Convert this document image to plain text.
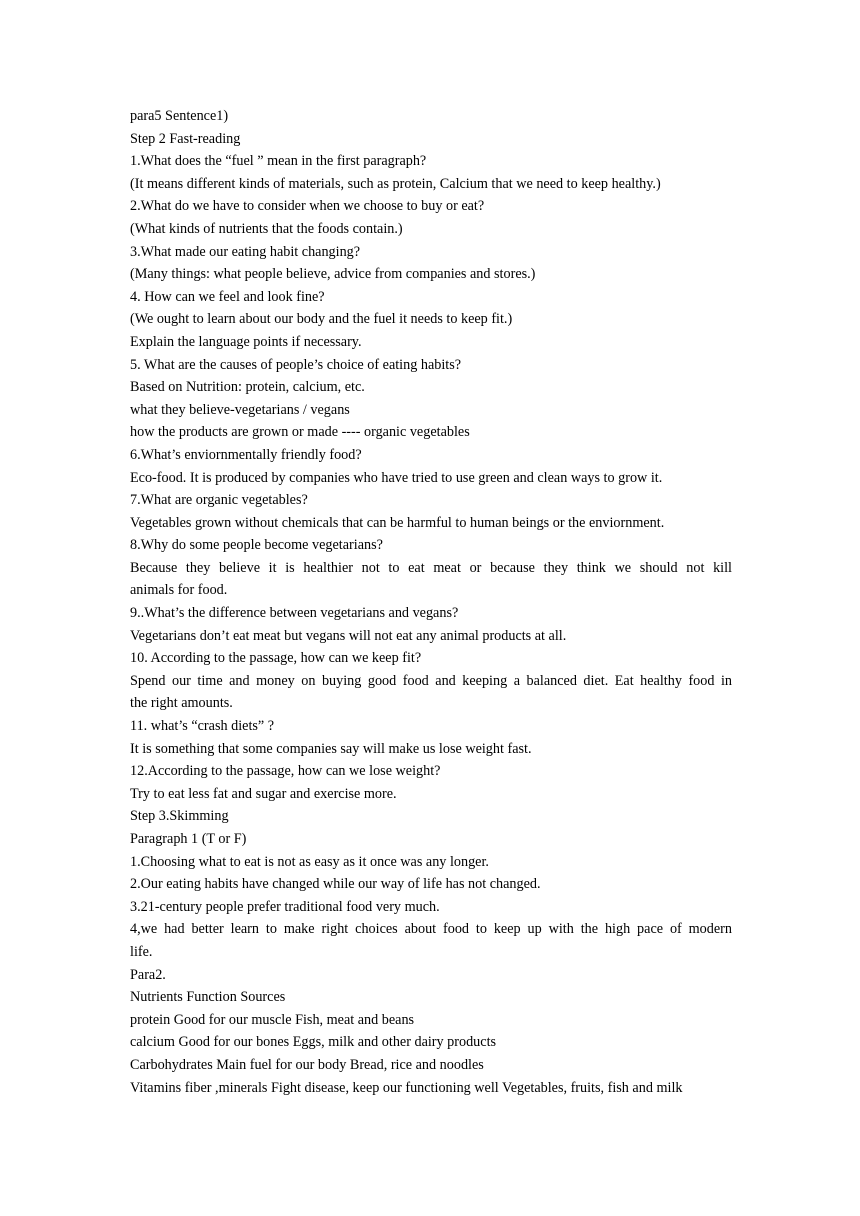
para5 Sentence1)
Step 2 Fast-reading
1.What does the “fuel ” mean in the first paragraph?
(It means different kinds of materials, such as protein, Calcium that we need to keep healthy.)
2.What do we have to consider when we choose to buy or eat?
(What kinds of nutrients that the foods contain.)
3.What made our eating habit changing?
(Many things: what people believe, advice from companies and stores.)
4. How can we feel and look fine?
(We ought to learn about our body and the fuel it needs to keep fit.)
Explain the language points if necessary.
5. What are the causes of people’s choice of eating habits?
Based on Nutrition: protein, calcium, etc.
what they believe-vegetarians / vegans
how the products are grown or made ---- organic vegetables
6.What’s enviornmentally friendly food?
Eco-food. It is produced by companies who have tried to use green and clean ways to grow it.
7.What are organic vegetables?
Vegetables grown without chemicals that can be harmful to human beings or the enviornment.
8.Why do some people become vegetarians?
Because they believe it is healthier not to eat meat or because they think we should not kill
animals for food.
9..What’s the difference between vegetarians and vegans?
Vegetarians don’t eat meat but vegans will not eat any animal products at all.
10. According to the passage, how can we keep fit?
Spend our time and money on buying good food and keeping a balanced diet. Eat healthy food in
the right amounts.
11. what’s “crash diets” ?
It is something that some companies say will make us lose weight fast.
12.According to the passage, how can we lose weight?
Try to eat less fat and sugar and exercise more.
Step 3.Skimming
Paragraph 1 (T or F)
1.Choosing what to eat is not as easy as it once was any longer.
2.Our eating habits have changed while our way of life has not changed.
3.21-century people prefer traditional food very much.
4,we had better learn to make right choices about food to keep up with the high pace of modern
life.
Para2.
Nutrients Function Sources
protein Good for our muscle Fish, meat and beans
calcium Good for our bones Eggs, milk and other dairy products
Carbohydrates Main fuel for our body Bread, rice and noodles
Vitamins fiber ,minerals Fight disease, keep our functioning well Vegetables, fruits, fish and milk
